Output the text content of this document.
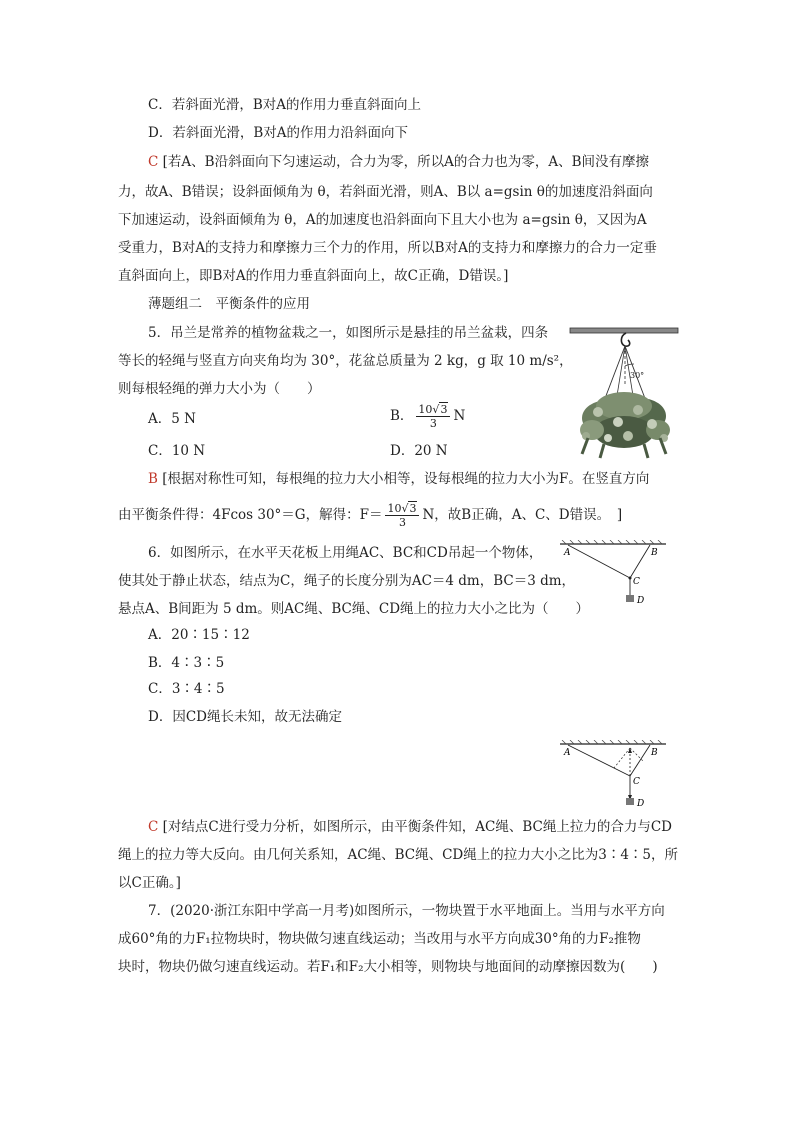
C．若斜面光滑，B对A的作用力垂直斜面向上
D．若斜面光滑，B对A的作用力沿斜面向下
C [若A、B沿斜面向下匀速运动，合力为零，所以A的合力也为零，A、B间没有摩擦
力，故A、B错误；设斜面倾角为 θ，若斜面光滑，则A、B以 a=gsin θ的加速度沿斜面向
下加速运动，设斜面倾角为 θ，A的加速度也沿斜面向下且大小也为 a=gsin θ，又因为A
受重力，B对A的支持力和摩擦力三个力的作用，所以B对A的支持力和摩擦力的合力一定垂
直斜面向上，即B对A的作用力垂直斜面向上，故C正确，D错误。]
薄题组二　平衡条件的应用
5．吊兰是常养的植物盆栽之一，如图所示是悬挂的吊兰盆栽，四条
等长的轻绳与竖直方向夹角均为 30°，花盆总质量为 2 kg，g 取 10 m/s²，
则每根轻绳的弹力大小为（　　）
A．5 N	B． $\frac{10√3}{3}$ N
C．10 N	D．20 N
30°
B [根据对称性可知，每根绳的拉力大小相等，设每根绳的拉力大小为F。在竖直方向
由平衡条件得：4Fcos 30°＝G，解得：$F= \frac{10√3}{3}$ N，故B正确，A、C、D错误。　]
6．如图所示，在水平天花板上用绳AC、BC和CD吊起一个物体，
使其处于静止状态，结点为C，绳子的长度分别为AC＝4 dm，BC＝3 dm，
悬点A、B间距为 5 dm。则AC绳、BC绳、CD绳上的拉力大小之比为（　　）
A．20∶15∶12
B．4∶3∶5
C．3∶4∶5
D．因CD绳长未知，故无法确定
A	B
C
D
A	B
C
D
C [对结点C进行受力分析，如图所示，由平衡条件知，AC绳、BC绳上拉力的合力与CD
绳上的拉力等大反向。由几何关系知，AC绳、BC绳、CD绳上的拉力大小之比为3∶4∶5，所
以C正确。]
7．(2020·浙江东阳中学高一月考)如图所示，一物块置于水平地面上。当用与水平方向
成60°角的力F₁拉物块时，物块做匀速直线运动；当改用与水平方向成30°角的力F₂推物
块时，物块仍做匀速直线运动。若F₁和F₂大小相等，则物块与地面间的动摩擦因数为(　　)
